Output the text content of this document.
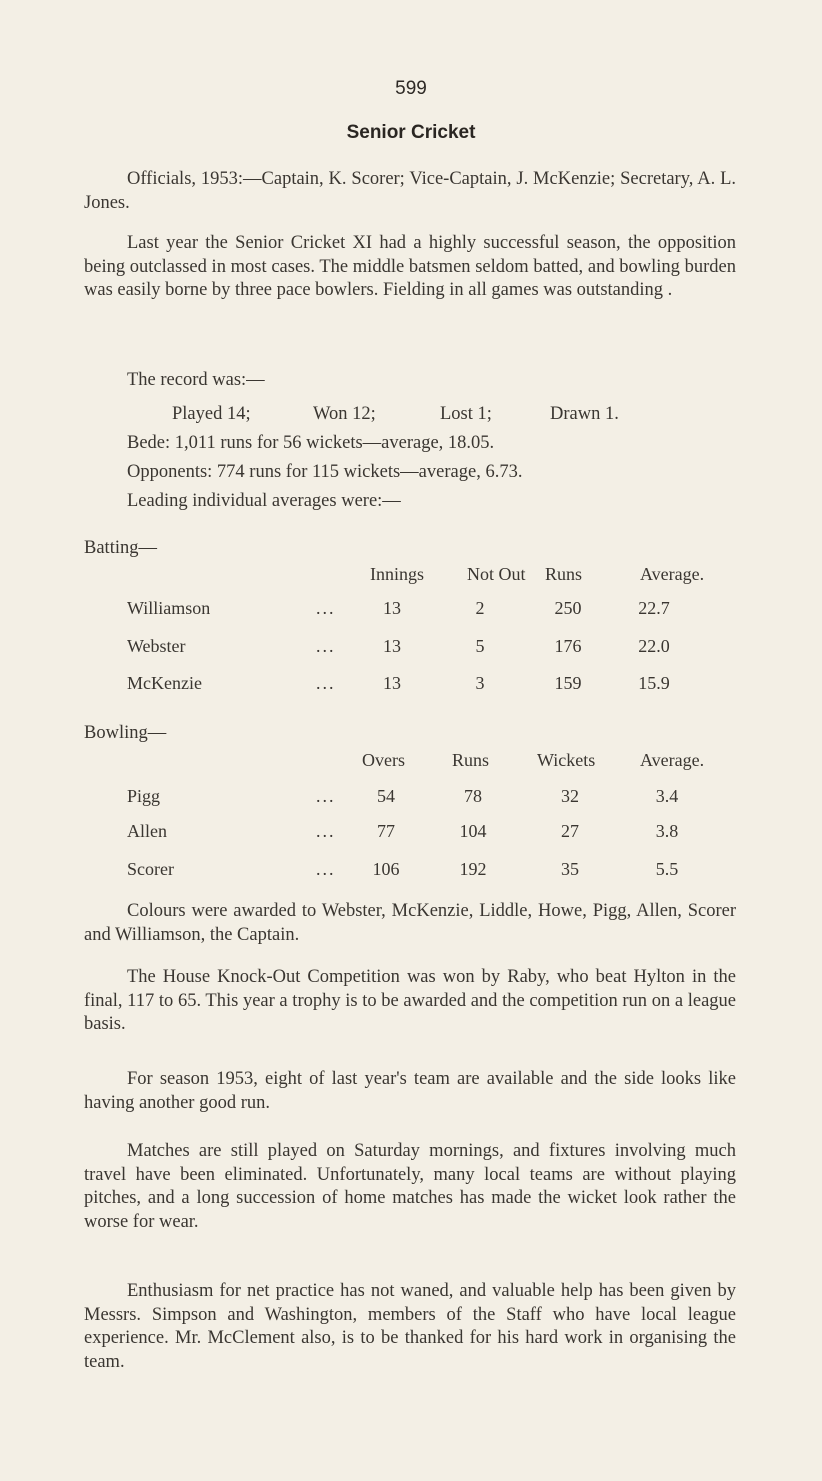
599
Senior Cricket
Officials, 1953:—Captain, K. Scorer; Vice-Captain, J. McKenzie; Secretary, A. L. Jones.
Last year the Senior Cricket XI had a highly successful season, the opposition being outclassed in most cases. The middle batsmen seldom batted, and bowling burden was easily borne by three pace bowlers. Fielding in all games was outstanding .
The record was:—
Played 14;	Won 12;	Lost 1;	Drawn 1.
Bede: 1,011 runs for 56 wickets—average, 18.05.
Opponents: 774 runs for 115 wickets—average, 6.73.
Leading individual averages were:—
Batting—
Innings Not Out Runs	Average.
Williamson	...	13	2	250	22.7
Webster	...	13	5	176	22.0
McKenzie	...	13	3	159	15.9
Bowling—
Overs	Runs	Wickets Average.
Pigg	...	54	78	32	3.4
Allen	...	77	104	27	3.8
Scorer	...	106	192	35	5.5
Colours were awarded to Webster, McKenzie, Liddle, Howe, Pigg, Allen, Scorer and Williamson, the Captain.
The House Knock-Out Competition was won by Raby, who beat Hylton in the final, 117 to 65. This year a trophy is to be awarded and the competition run on a league basis.
For season 1953, eight of last year's team are available and the side looks like having another good run.
Matches are still played on Saturday mornings, and fixtures involving much travel have been eliminated. Unfortunately, many local teams are without playing pitches, and a long succession of home matches has made the wicket look rather the worse for wear.
Enthusiasm for net practice has not waned, and valuable help has been given by Messrs. Simpson and Washington, members of the Staff who have local league experience. Mr. McClement also, is to be thanked for his hard work in organising the team.
